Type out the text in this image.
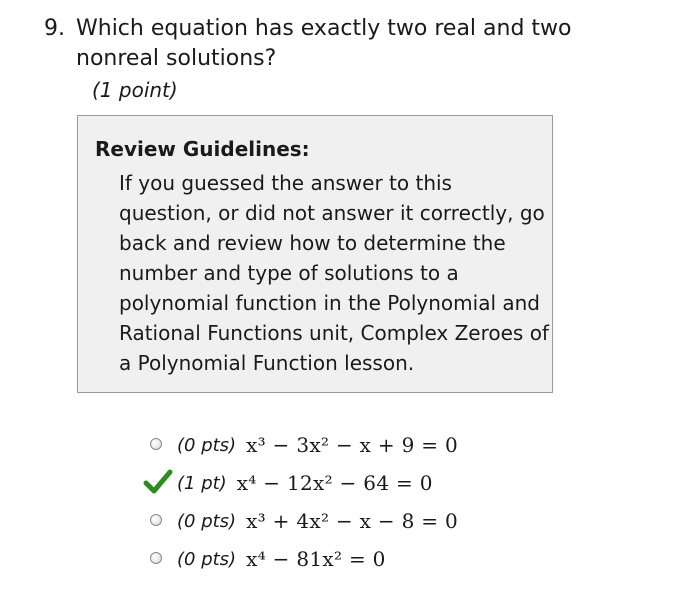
9. Which equation has exactly two real and two nonreal solutions?
(1 point)
Review Guidelines:
If you guessed the answer to this question, or did not answer it correctly, go back and review how to determine the number and type of solutions to a polynomial function in the Polynomial and Rational Functions unit, Complex Zeroes of a Polynomial Function lesson.
(0 pts) x³ − 3x² − x + 9 = 0
(1 pt) x⁴ − 12x² − 64 = 0
(0 pts) x³ + 4x² − x − 8 = 0
(0 pts) x⁴ − 81x² = 0
